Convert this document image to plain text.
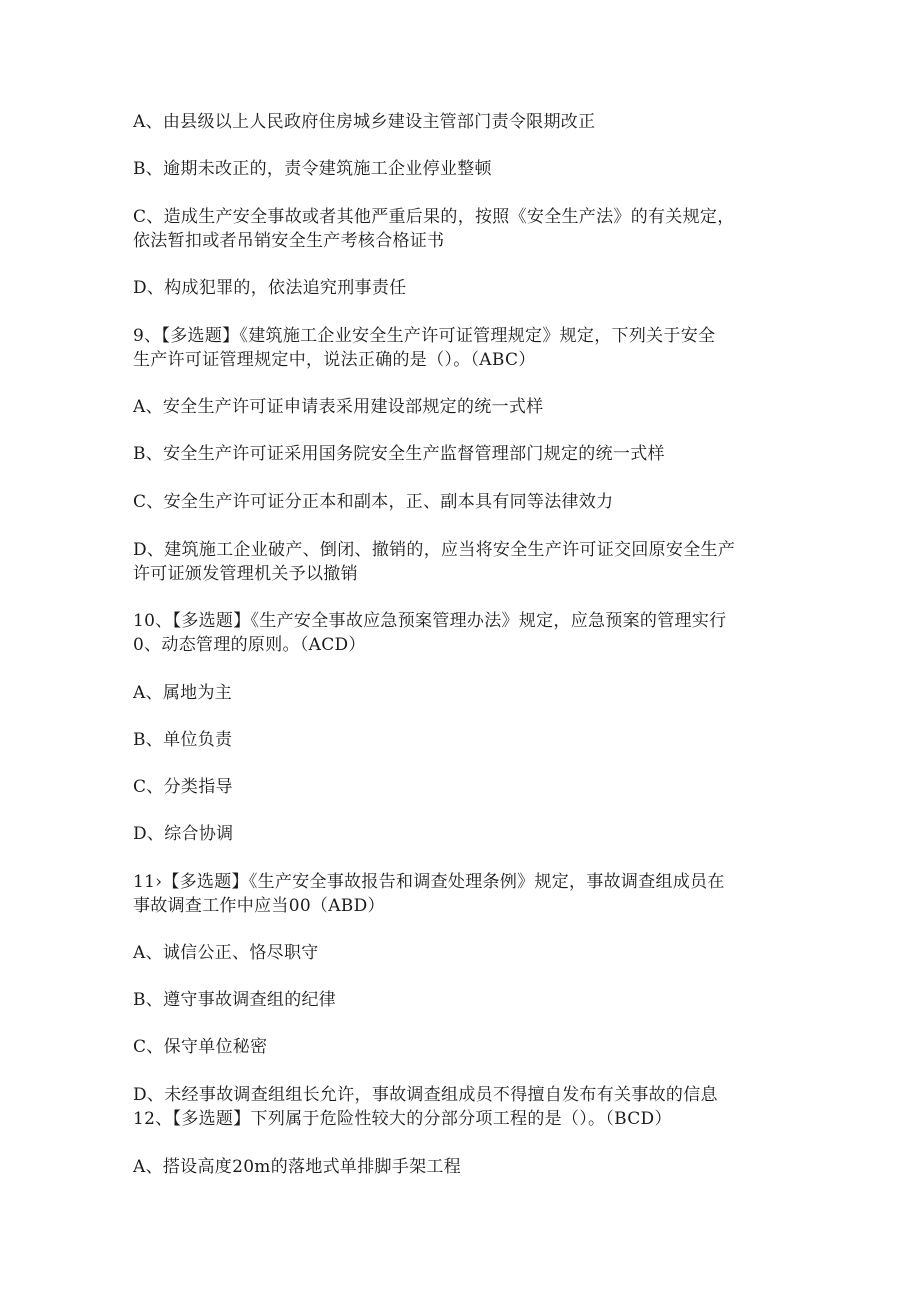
A、由县级以上人民政府住房城乡建设主管部门责令限期改正
B、逾期未改正的，责令建筑施工企业停业整顿
C、造成生产安全事故或者其他严重后果的，按照《安全生产法》的有关规定，
依法暂扣或者吊销安全生产考核合格证书
D、构成犯罪的，依法追究刑事责任
9、【多选题】《建筑施工企业安全生产许可证管理规定》规定，下列关于安全
生产许可证管理规定中，说法正确的是（）。（ABC）
A、安全生产许可证申请表采用建设部规定的统一式样
B、安全生产许可证采用国务院安全生产监督管理部门规定的统一式样
C、安全生产许可证分正本和副本，正、副本具有同等法律效力
D、建筑施工企业破产、倒闭、撤销的，应当将安全生产许可证交回原安全生产
许可证颁发管理机关予以撤销
10、【多选题】《生产安全事故应急预案管理办法》规定，应急预案的管理实行
0、动态管理的原则。（ACD）
A、属地为主
B、单位负责
C、分类指导
D、综合协调
11›【多选题】《生产安全事故报告和调查处理条例》规定，事故调查组成员在
事故调查工作中应当00（ABD）
A、诚信公正、恪尽职守
B、遵守事故调查组的纪律
C、保守单位秘密
D、未经事故调查组组长允许，事故调查组成员不得擅自发布有关事故的信息
12、【多选题】下列属于危险性较大的分部分项工程的是（）。（BCD）
A、搭设高度20m的落地式单排脚手架工程
